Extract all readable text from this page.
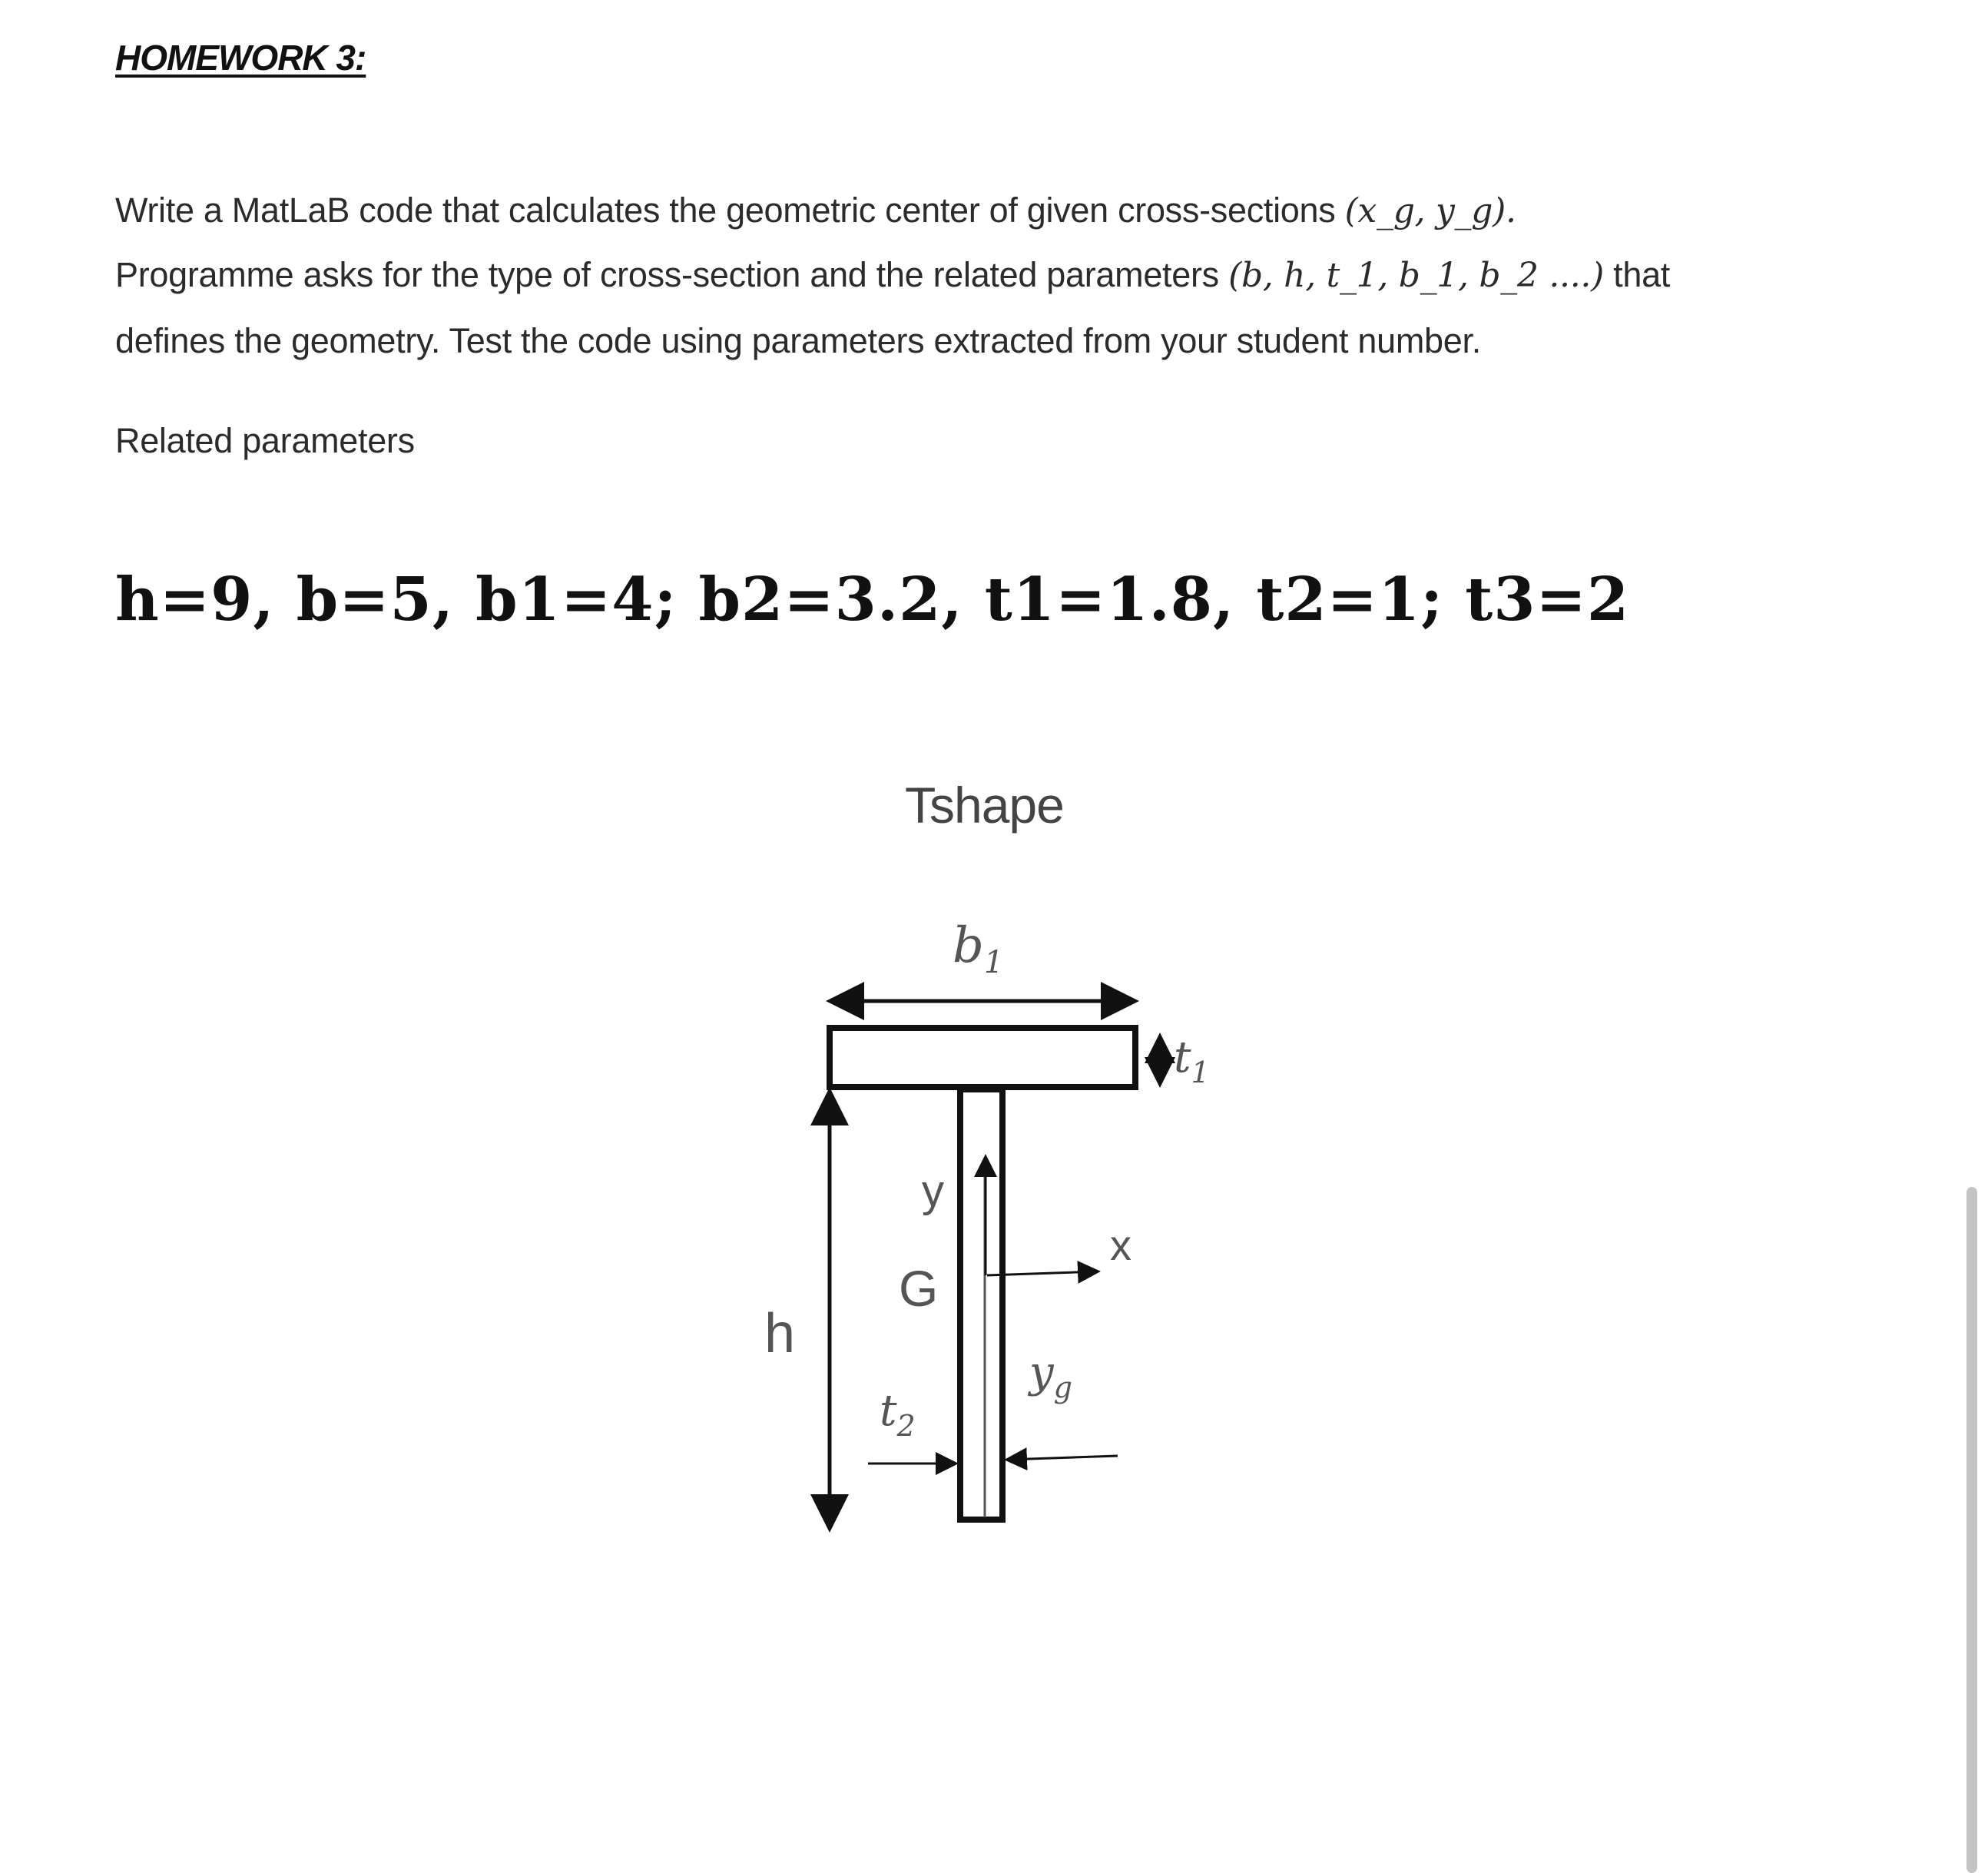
HOMEWORK 3:
Write a MatLaB code that calculates the geometric center of given cross-sections (x_g, y_g).
Programme asks for the type of cross-section and the related parameters (b, h, t_1, b_1, b_2 ....) that
defines the geometry. Test the code using parameters extracted from your student number.
Related parameters
h=9, b=5, b1=4; b2=3.2, t1=1.8, t2=1; t3=2
Tshape
$b_1$
$t_1$
h
y
x
G
$t_2$
$y_g$
